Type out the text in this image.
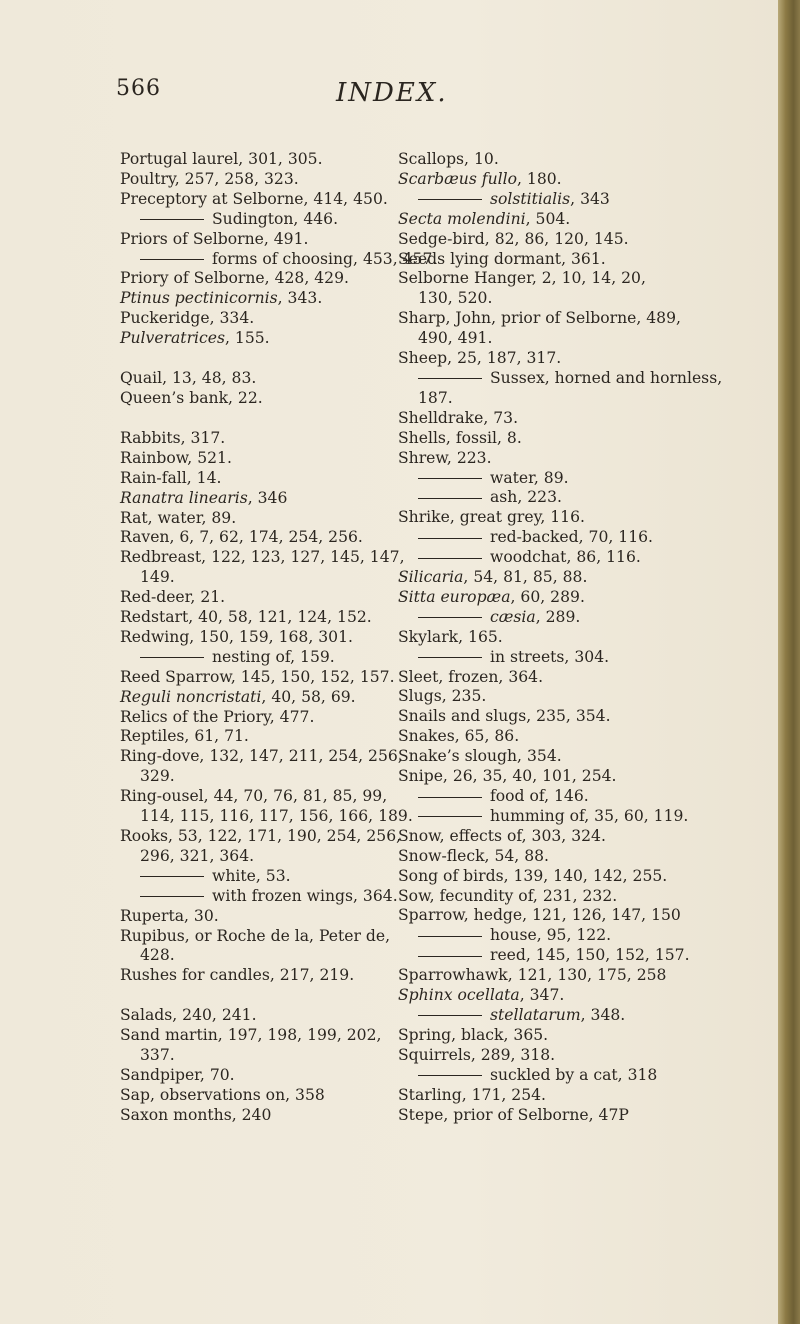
566	INDEX.
Portugal laurel, 301, 305.
Poultry, 257, 258, 323.
Preceptory at Selborne, 414, 450.
Sudington, 446.
Priors of Selborne, 491.
forms of choosing, 453, 457.
Priory of Selborne, 428, 429.
Ptinus pectinicornis, 343.
Puckeridge, 334.
Pulveratrices, 155.
Quail, 13, 48, 83.
Queen’s bank, 22.
Rabbits, 317.
Rainbow, 521.
Rain-fall, 14.
Ranatra linearis, 346
Rat, water, 89.
Raven, 6, 7, 62, 174, 254, 256.
Redbreast, 122, 123, 127, 145, 147,
149.
Red-deer, 21.
Redstart, 40, 58, 121, 124, 152.
Redwing, 150, 159, 168, 301.
nesting of, 159.
Reed Sparrow, 145, 150, 152, 157.
Reguli noncristati, 40, 58, 69.
Relics of the Priory, 477.
Reptiles, 61, 71.
Ring-dove, 132, 147, 211, 254, 256,
329.
Ring-ousel, 44, 70, 76, 81, 85, 99,
114, 115, 116, 117, 156, 166, 189.
Rooks, 53, 122, 171, 190, 254, 256,
296, 321, 364.
white, 53.
with frozen wings, 364.
Ruperta, 30.
Rupibus, or Roche de la, Peter de,
428.
Rushes for candles, 217, 219.
Salads, 240, 241.
Sand martin, 197, 198, 199, 202,
337.
Sandpiper, 70.
Sap, observations on, 358
Saxon months, 240
Scallops, 10.
Scarbæus fullo, 180.
solstitialis, 343
Secta molendini, 504.
Sedge-bird, 82, 86, 120, 145.
Seeds lying dormant, 361.
Selborne Hanger, 2, 10, 14, 20,
130, 520.
Sharp, John, prior of Selborne, 489,
490, 491.
Sheep, 25, 187, 317.
Sussex, horned and hornless,
187.
Shelldrake, 73.
Shells, fossil, 8.
Shrew, 223.
water, 89.
ash, 223.
Shrike, great grey, 116.
red-backed, 70, 116.
woodchat, 86, 116.
Silicaria, 54, 81, 85, 88.
Sitta europæa, 60, 289.
cæsia, 289.
Skylark, 165.
in streets, 304.
Sleet, frozen, 364.
Slugs, 235.
Snails and slugs, 235, 354.
Snakes, 65, 86.
Snake’s slough, 354.
Snipe, 26, 35, 40, 101, 254.
food of, 146.
humming of, 35, 60, 119.
Snow, effects of, 303, 324.
Snow-fleck, 54, 88.
Song of birds, 139, 140, 142, 255.
Sow, fecundity of, 231, 232.
Sparrow, hedge, 121, 126, 147, 150
house, 95, 122.
reed, 145, 150, 152, 157.
Sparrowhawk, 121, 130, 175, 258
Sphinx ocellata, 347.
stellatarum, 348.
Spring, black, 365.
Squirrels, 289, 318.
suckled by a cat, 318
Starling, 171, 254.
Stepe, prior of Selborne, 47P
